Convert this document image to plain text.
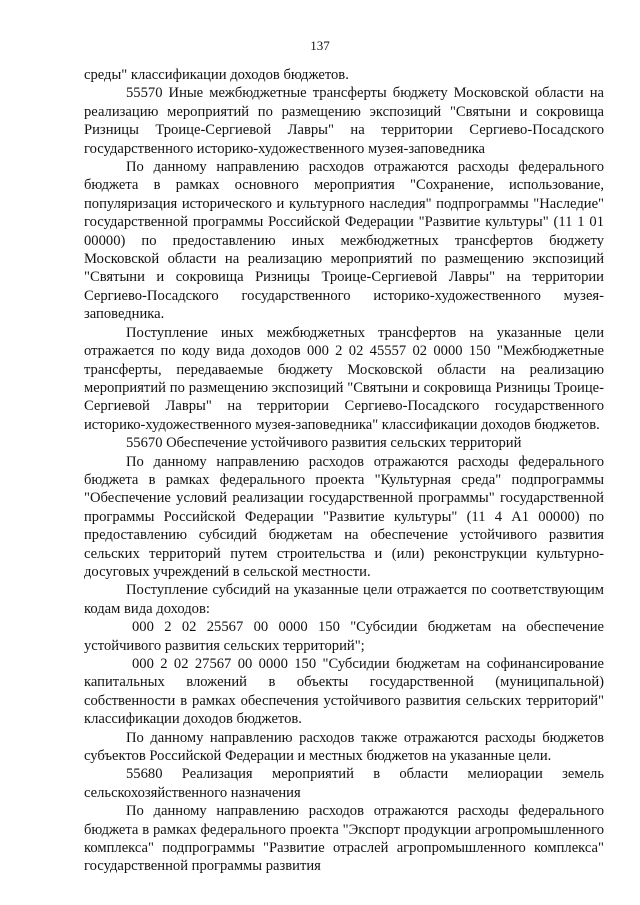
137

среды" классификации доходов бюджетов.

55570 Иные межбюджетные трансферты бюджету Московской области на реализацию мероприятий по размещению экспозиций "Святыни и сокровища Ризницы Троице-Сергиевой Лавры" на территории Сергиево-Посадского государственного историко-художественного музея-заповедника

По данному направлению расходов отражаются расходы федерального бюджета в рамках основного мероприятия "Сохранение, использование, популяризация исторического и культурного наследия" подпрограммы "Наследие" государственной программы Российской Федерации "Развитие культуры" (11 1 01 00000) по предоставлению иных межбюджетных трансфертов бюджету Московской области на реализацию мероприятий по размещению экспозиций "Святыни и сокровища Ризницы Троице-Сергиевой Лавры" на территории Сергиево-Посадского государственного историко-художественного музея-заповедника.

Поступление иных межбюджетных трансфертов на указанные цели отражается по коду вида доходов 000 2 02 45557 02 0000 150 "Межбюджетные трансферты, передаваемые бюджету Московской области на реализацию мероприятий по размещению экспозиций "Святыни и сокровища Ризницы Троице-Сергиевой Лавры" на территории Сергиево-Посадского государственного историко-художественного музея-заповедника" классификации доходов бюджетов.

55670 Обеспечение устойчивого развития сельских территорий

По данному направлению расходов отражаются расходы федерального бюджета в рамках федерального проекта "Культурная среда" подпрограммы "Обеспечение условий реализации государственной программы" государственной программы Российской Федерации "Развитие культуры" (11 4 А1 00000) по предоставлению субсидий бюджетам на обеспечение устойчивого развития сельских территорий путем строительства и (или) реконструкции культурно-досуговых учреждений в сельской местности.

Поступление субсидий на указанные цели отражается по соответствующим кодам вида доходов:

000 2 02 25567 00 0000 150 "Субсидии бюджетам на обеспечение устойчивого развития сельских территорий";

000 2 02 27567 00 0000 150 "Субсидии бюджетам на софинансирование капитальных вложений в объекты государственной (муниципальной) собственности в рамках обеспечения устойчивого развития сельских территорий" классификации доходов бюджетов.

По данному направлению расходов также отражаются расходы бюджетов субъектов Российской Федерации и местных бюджетов на указанные цели.

55680 Реализация мероприятий в области мелиорации земель сельскохозяйственного назначения

По данному направлению расходов отражаются расходы федерального бюджета в рамках федерального проекта "Экспорт продукции агропромышленного комплекса" подпрограммы "Развитие отраслей агропромышленного комплекса" государственной программы развития
